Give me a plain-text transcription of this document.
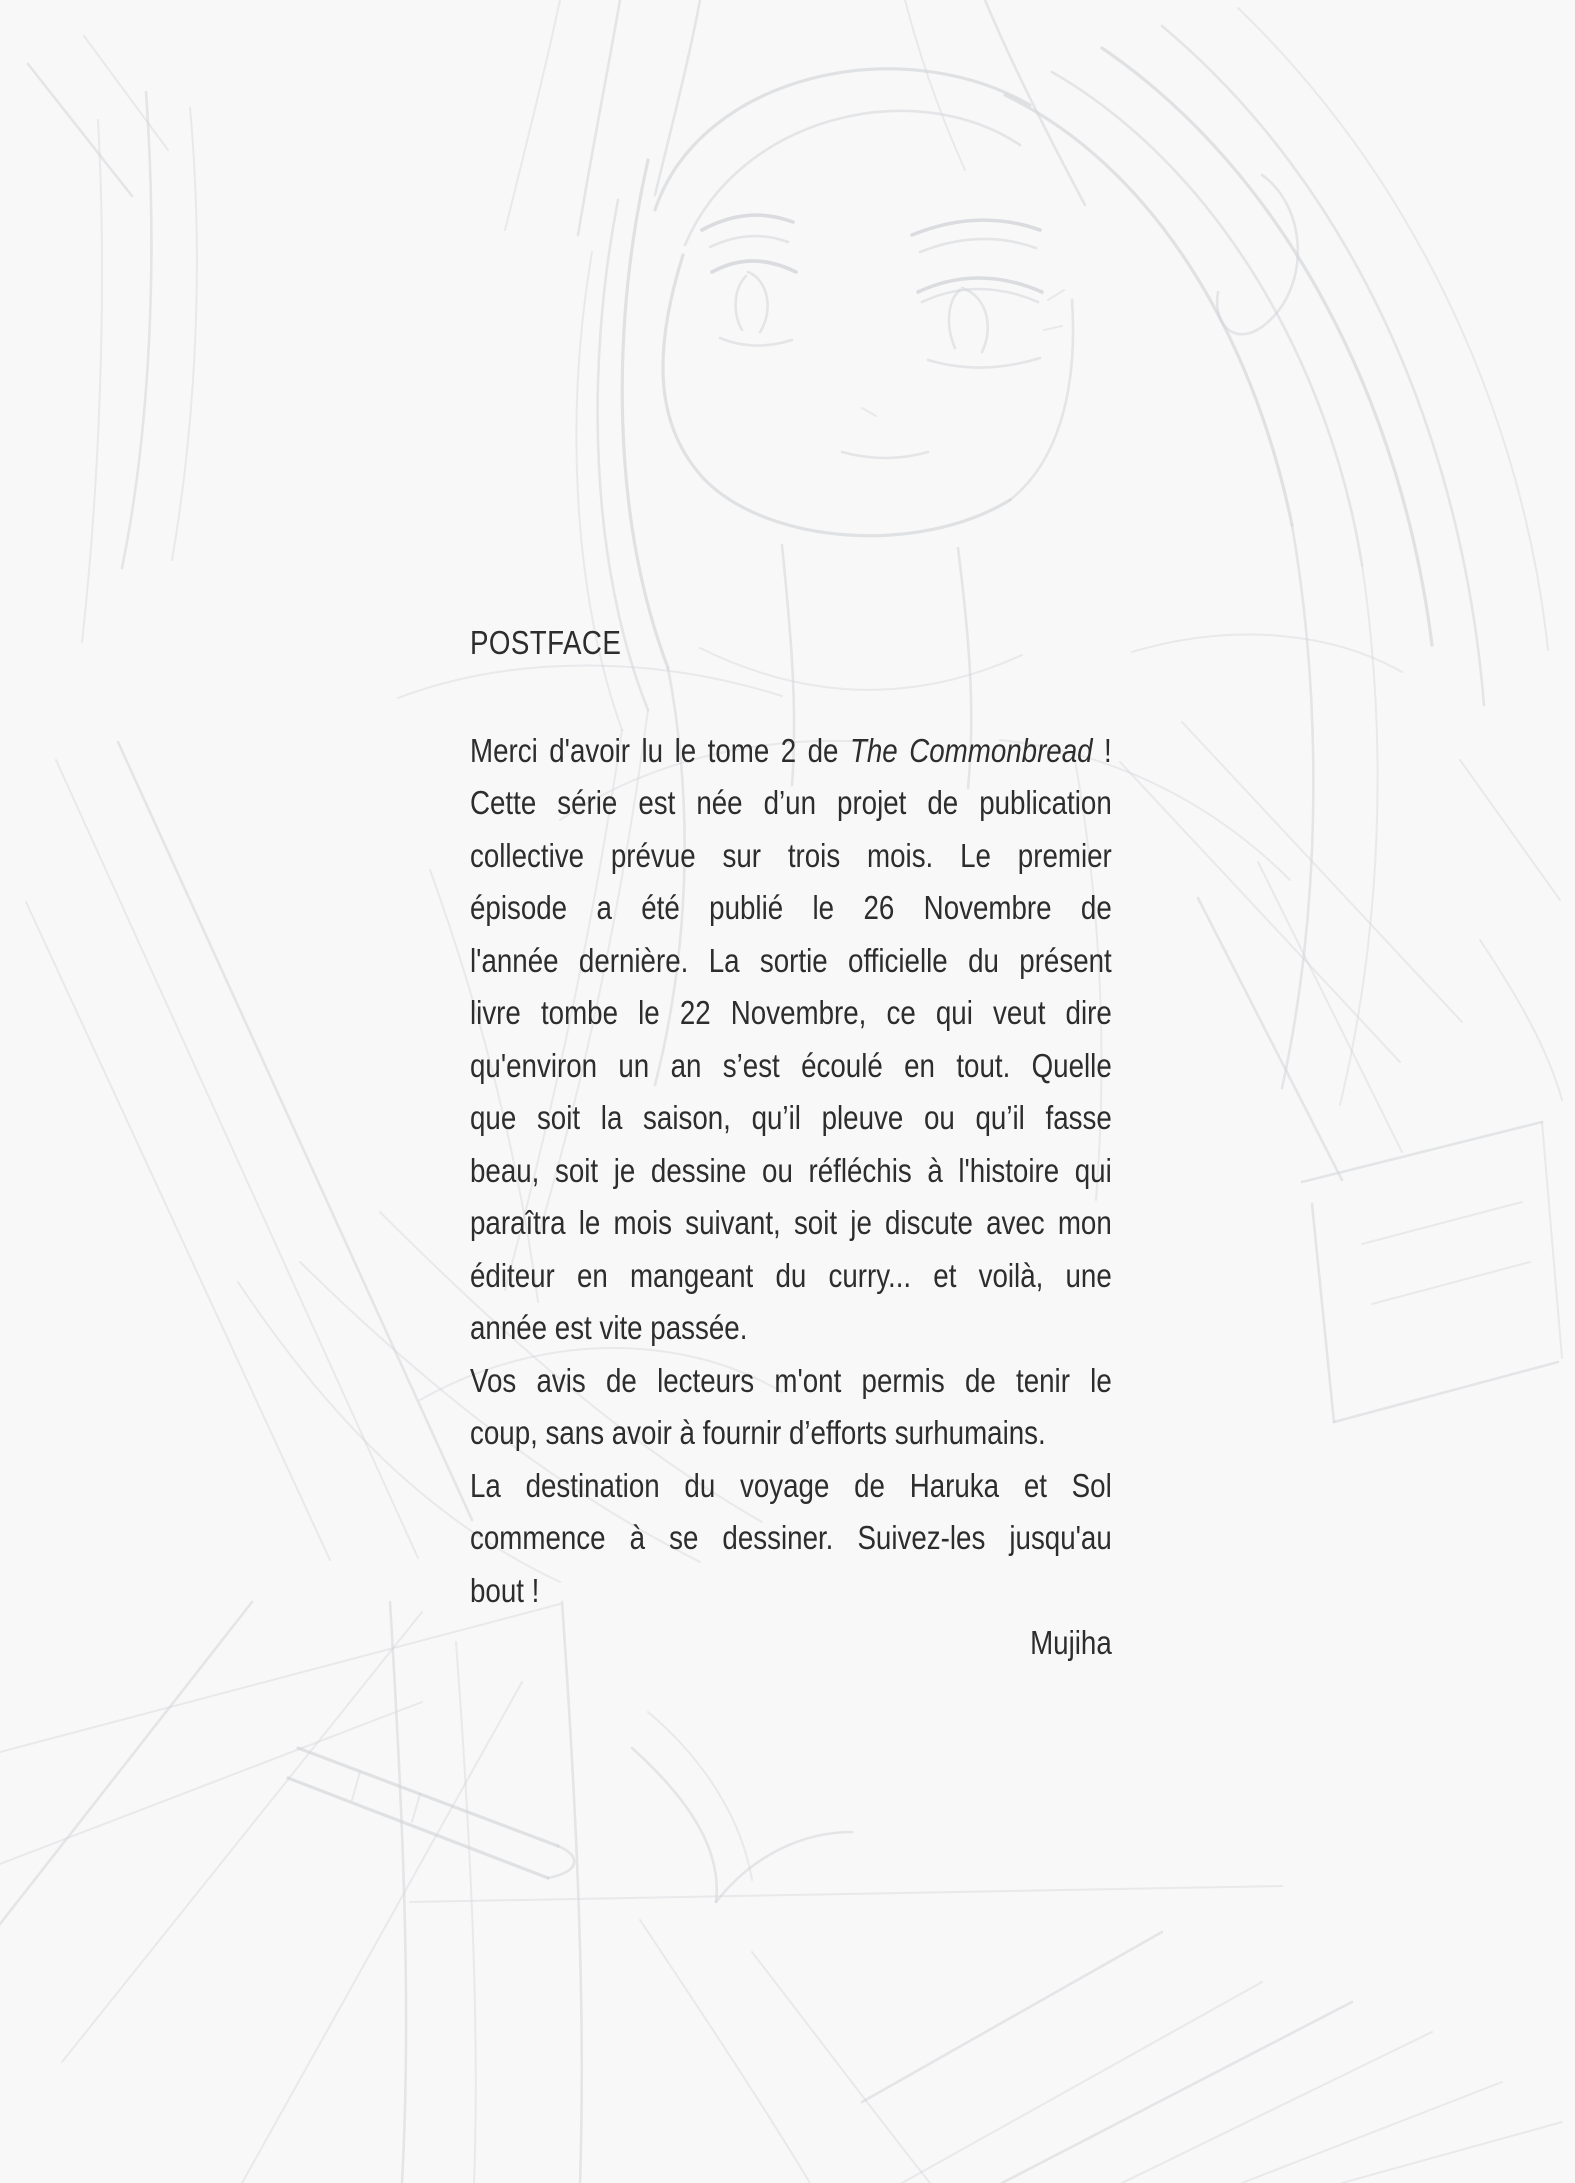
POSTFACE
Merci d'avoir lu le tome 2 de The Commonbread !
Cette série est née d’un projet de publication
collective prévue sur trois mois. Le premier
épisode a été publié le 26 Novembre de
l'année dernière. La sortie officielle du présent
livre tombe le 22 Novembre, ce qui veut dire
qu'environ un an s’est écoulé en tout. Quelle
que soit la saison, qu’il pleuve ou qu’il fasse
beau, soit je dessine ou réfléchis à l'histoire qui
paraîtra le mois suivant, soit je discute avec mon
éditeur en mangeant du curry... et voilà, une
année est vite passée.
Vos avis de lecteurs m'ont permis de tenir le
coup, sans avoir à fournir d’efforts surhumains.
La destination du voyage de Haruka et Sol
commence à se dessiner. Suivez-les jusqu'au
bout !
Mujiha
